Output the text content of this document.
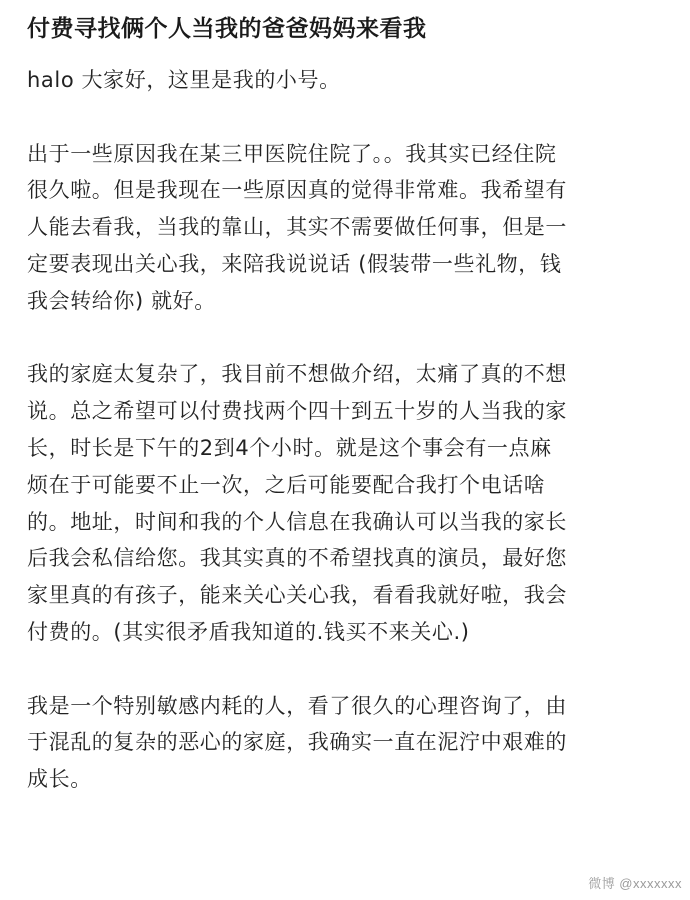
付费寻找俩个人当我的爸爸妈妈来看我

halo 大家好，这里是我的小号。

出于一些原因我在某三甲医院住院了。。我其实已经住院
很久啦。但是我现在一些原因真的觉得非常难。我希望有
人能去看我，当我的靠山，其实不需要做任何事，但是一
定要表现出关心我，来陪我说说话 (假装带一些礼物，钱
我会转给你) 就好。

我的家庭太复杂了，我目前不想做介绍，太痛了真的不想
说。总之希望可以付费找两个四十到五十岁的人当我的家
长，时长是下午的2到4个小时。就是这个事会有一点麻
烦在于可能要不止一次，之后可能要配合我打个电话啥
的。地址，时间和我的个人信息在我确认可以当我的家长
后我会私信给您。我其实真的不希望找真的演员，最好您
家里真的有孩子，能来关心关心我，看看我就好啦，我会
付费的。(其实很矛盾我知道的.钱买不来关心.)

我是一个特别敏感内耗的人，看了很久的心理咨询了，由
于混乱的复杂的恶心的家庭，我确实一直在泥泞中艰难的
成长。

微博 @xxxxxxx
